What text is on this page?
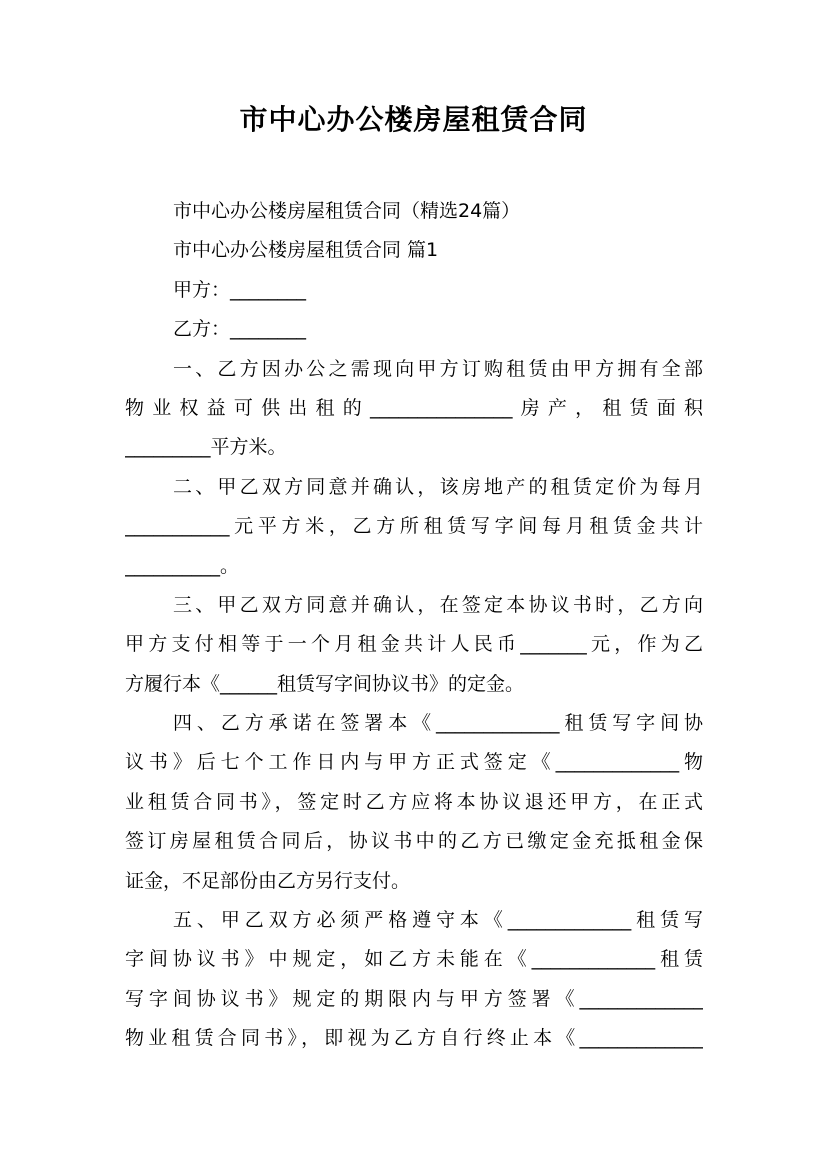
市中心办公楼房屋租赁合同
市中心办公楼房屋租赁合同（精选24篇）
市中心办公楼房屋租赁合同 篇1
甲方：________
乙方：________
一、乙方因办公之需现向甲方订购租赁由甲方拥有全部
物业权益可供出租的_______________房产，租赁面积
_________平方米。
二、甲乙双方同意并确认，该房地产的租赁定价为每月
___________元平方米，乙方所租赁写字间每月租赁金共计
__________。
三、甲乙双方同意并确认，在签定本协议书时，乙方向
甲方支付相等于一个月租金共计人民币_______元，作为乙
方履行本《______租赁写字间协议书》的定金。
四、乙方承诺在签署本《_____________租赁写字间协
议书》后七个工作日内与甲方正式签定《_____________物
业租赁合同书》，签定时乙方应将本协议退还甲方，在正式
签订房屋租赁合同后，协议书中的乙方已缴定金充抵租金保
证金，不足部份由乙方另行支付。
五、甲乙双方必须严格遵守本《_____________租赁写
字间协议书》中规定，如乙方未能在《_____________租赁
写字间协议书》规定的期限内与甲方签署《_____________
物业租赁合同书》，即视为乙方自行终止本《_____________
